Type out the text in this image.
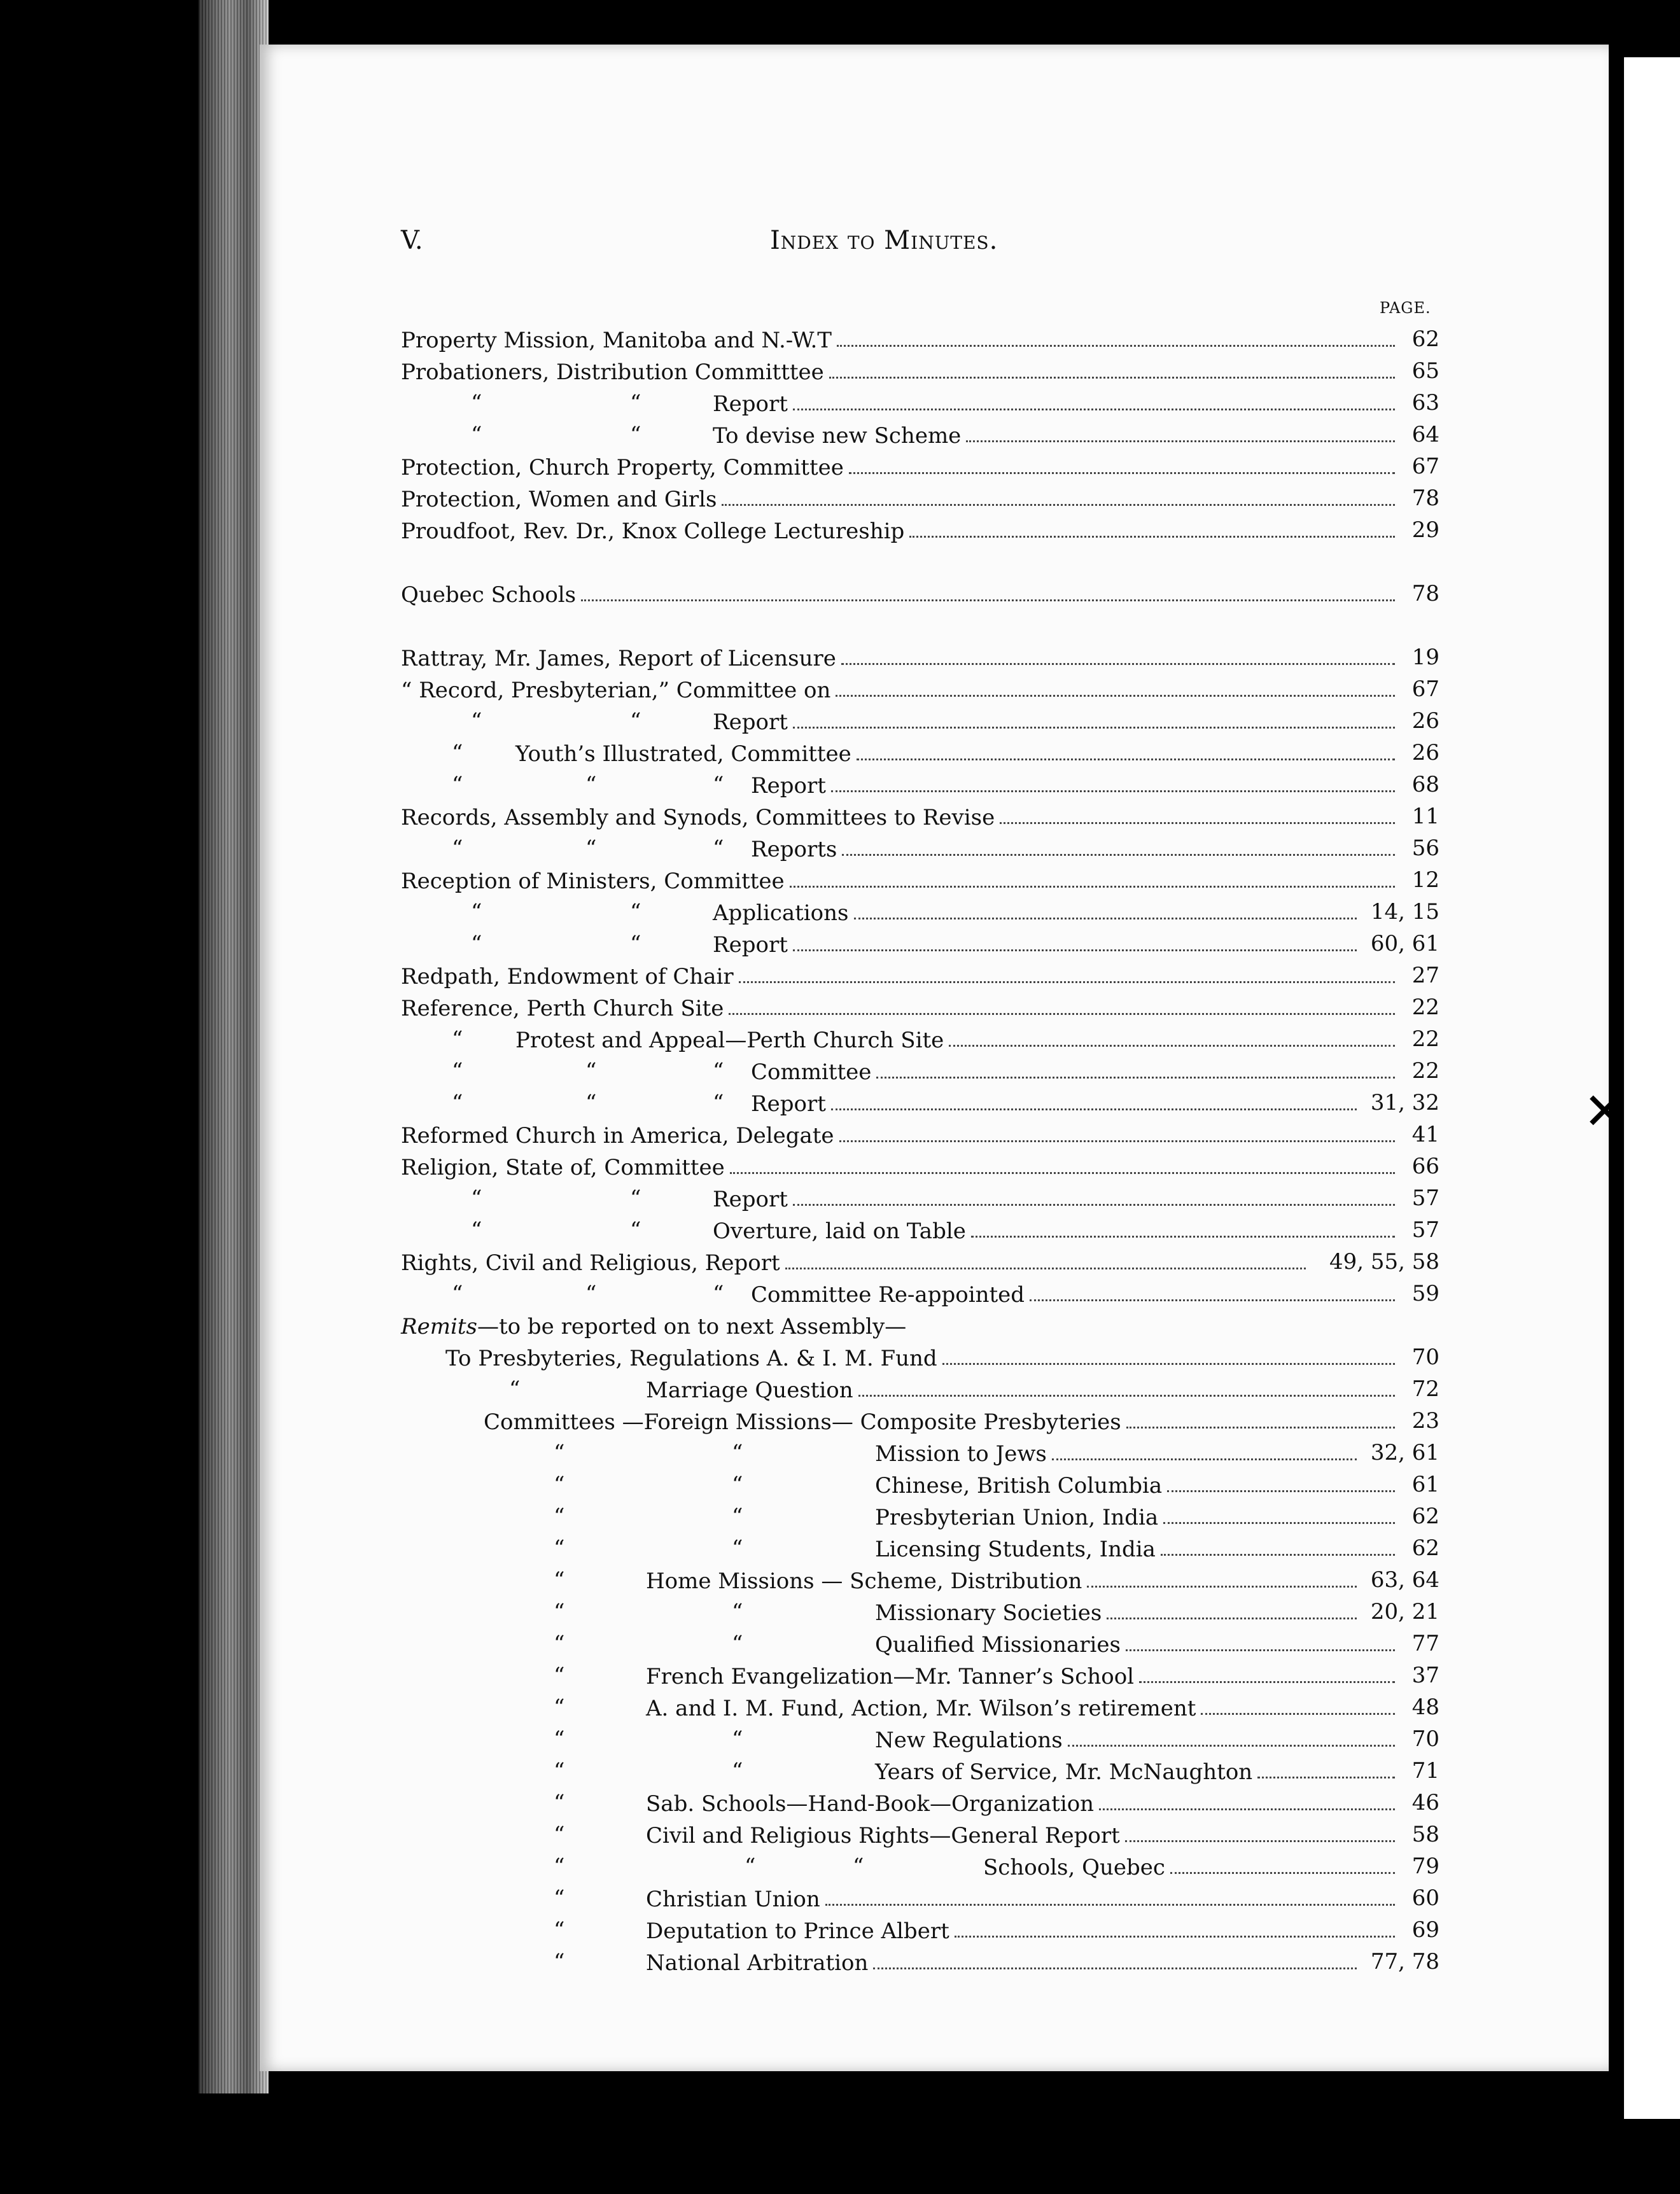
✕
V.	Index to Minutes.
PAGE.
Property Mission, Manitoba and N.-W.T	62
Probationers, Distribution Committtee	65
“	“	Report	63
“	“	To devise new Scheme	64
Protection, Church Property, Committee	67
Protection, Women and Girls	78
Proudfoot, Rev. Dr., Knox College Lectureship	29
Quebec Schools	78
Rattray, Mr. James, Report of Licensure	19
“ Record, Presbyterian,” Committee on	67
“	“	Report	26
“ Youth’s Illustrated, Committee	26
“	“	“ Report	68
Records, Assembly and Synods, Committees to Revise	11
“	“	“ Reports	56
Reception of Ministers, Committee	12
“	“	Applications	14, 15
“	“	Report	60, 61
Redpath, Endowment of Chair	27
Reference, Perth Church Site	22
“ Protest and Appeal—Perth Church Site	22
“	“	“ Committee	22
“	“	“ Report	31, 32
Reformed Church in America, Delegate	41
Religion, State of, Committee	66
“	“	Report	57
“	“	Overture, laid on Table	57
Rights, Civil and Religious, Report	49, 55, 58
“	“	“ Committee Re-appointed	59
Remits—to be reported on to next Assembly—
To Presbyteries, Regulations A. & I. M. Fund	70
“	Marriage Question	72
Committees —Foreign Missions— Composite Presbyteries	23
“	“	Mission to Jews	32, 61
“	“	Chinese, British Columbia	61
“	“	Presbyterian Union, India	62
“	“	Licensing Students, India	62
“	Home Missions — Scheme, Distribution	63, 64
“	“	Missionary Societies	20, 21
“	“	Qualified Missionaries	77
“	French Evangelization—Mr. Tanner’s School	37
“	A. and I. M. Fund, Action, Mr. Wilson’s retirement	48
“	“	New Regulations	70
“	“	Years of Service, Mr. McNaughton	71
“	Sab. Schools—Hand-Book—Organization	46
“	Civil and Religious Rights—General Report	58
“	“	“	Schools, Quebec	79
“	Christian Union	60
“	Deputation to Prince Albert	69
“	National Arbitration	77, 78
